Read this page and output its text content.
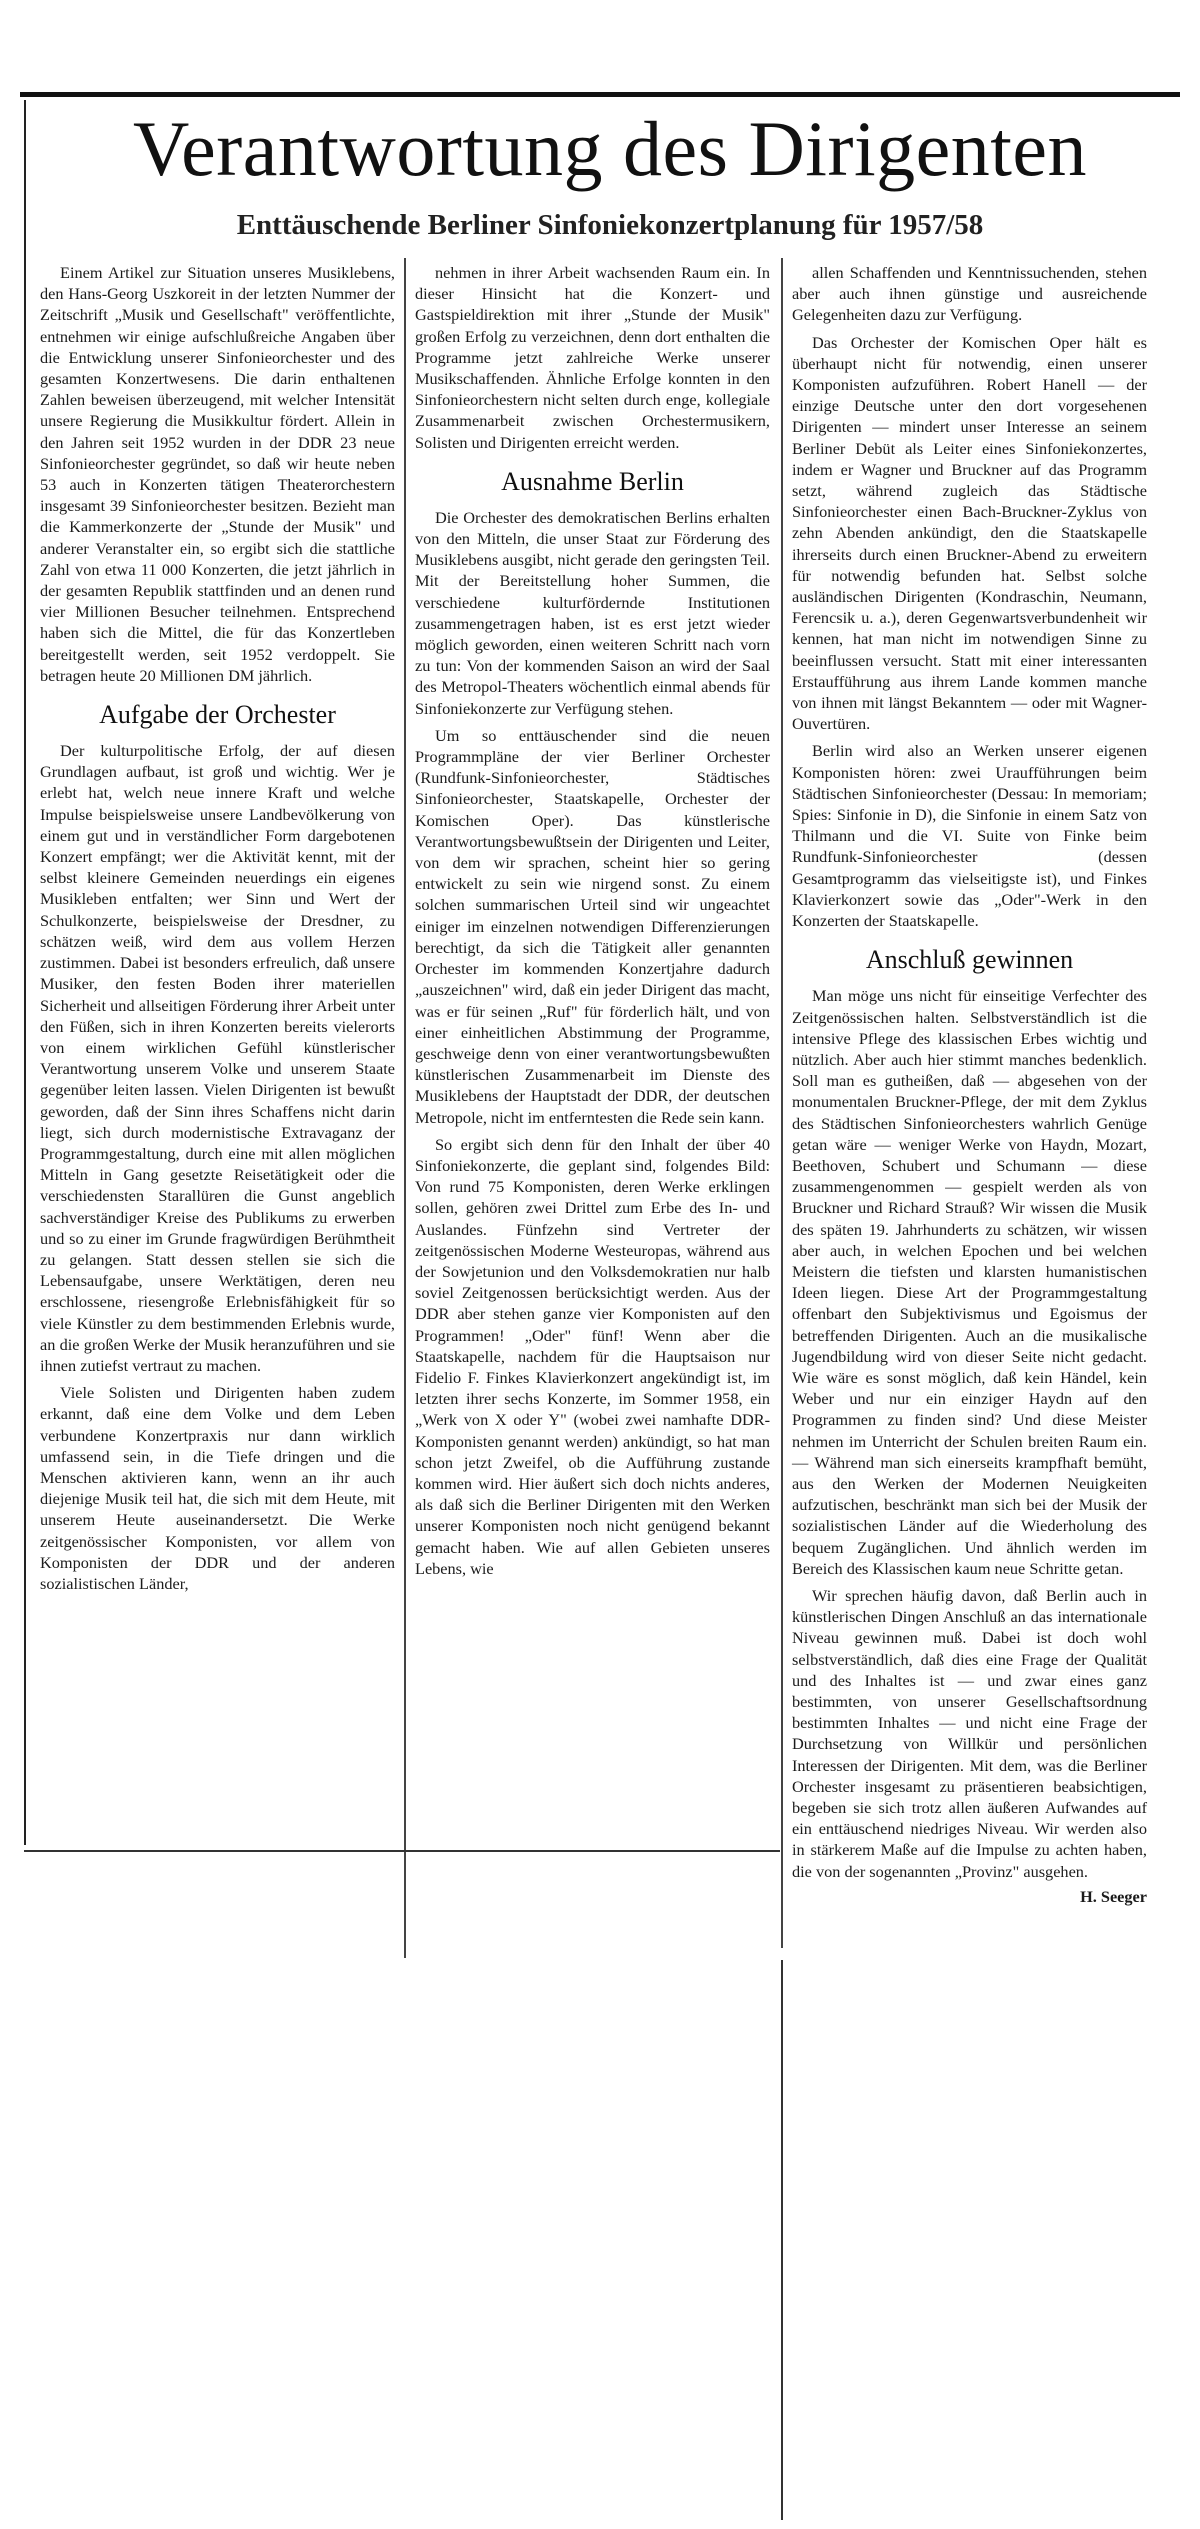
Verantwortung des Dirigenten
Enttäuschende Berliner Sinfoniekonzertplanung für 1957/58

Einem Artikel zur Situation unseres Musiklebens, den Hans-Georg Uszkoreit in der letzten Nummer der Zeitschrift „Musik und Gesellschaft" veröffentlichte, entnehmen wir einige aufschlußreiche Angaben über die Entwicklung unserer Sinfonieorchester und des gesamten Konzertwesens. Die darin enthaltenen Zahlen beweisen überzeugend, mit welcher Intensität unsere Regierung die Musikkultur fördert. Allein in den Jahren seit 1952 wurden in der DDR 23 neue Sinfonieorchester gegründet, so daß wir heute neben 53 auch in Konzerten tätigen Theaterorchestern insgesamt 39 Sinfonieorchester besitzen. Bezieht man die Kammerkonzerte der „Stunde der Musik" und anderer Veranstalter ein, so ergibt sich die stattliche Zahl von etwa 11 000 Konzerten, die jetzt jährlich in der gesamten Republik stattfinden und an denen rund vier Millionen Besucher teilnehmen. Entsprechend haben sich die Mittel, die für das Konzertleben bereitgestellt werden, seit 1952 verdoppelt. Sie betragen heute 20 Millionen DM jährlich.

Aufgabe der Orchester

Der kulturpolitische Erfolg, der auf diesen Grundlagen aufbaut, ist groß und wichtig. Wer je erlebt hat, welch neue innere Kraft und welche Impulse beispielsweise unsere Landbevölkerung von einem gut und in verständlicher Form dargebotenen Konzert empfängt; wer die Aktivität kennt, mit der selbst kleinere Gemeinden neuerdings ein eigenes Musikleben entfalten; wer Sinn und Wert der Schulkonzerte, beispielsweise der Dresdner, zu schätzen weiß, wird dem aus vollem Herzen zustimmen. Dabei ist besonders erfreulich, daß unsere Musiker, den festen Boden ihrer materiellen Sicherheit und allseitigen Förderung ihrer Arbeit unter den Füßen, sich in ihren Konzerten bereits vielerorts von einem wirklichen Gefühl künstlerischer Verantwortung unserem Volke und unserem Staate gegenüber leiten lassen. Vielen Dirigenten ist bewußt geworden, daß der Sinn ihres Schaffens nicht darin liegt, sich durch modernistische Extravaganz der Programmgestaltung, durch eine mit allen möglichen Mitteln in Gang gesetzte Reisetätigkeit oder die verschiedensten Starallüren die Gunst angeblich sachverständiger Kreise des Publikums zu erwerben und so zu einer im Grunde fragwürdigen Berühmtheit zu gelangen. Statt dessen stellen sie sich die Lebensaufgabe, unsere Werktätigen, deren neu erschlossene, riesengroße Erlebnisfähigkeit für so viele Künstler zu dem bestimmenden Erlebnis wurde, an die großen Werke der Musik heranzuführen und sie ihnen zutiefst vertraut zu machen.

Viele Solisten und Dirigenten haben zudem erkannt, daß eine dem Volke und dem Leben verbundene Konzertpraxis nur dann wirklich umfassend sein, in die Tiefe dringen und die Menschen aktivieren kann, wenn an ihr auch diejenige Musik teil hat, die sich mit dem Heute, mit unserem Heute auseinandersetzt. Die Werke zeitgenössischer Komponisten, vor allem von Komponisten der DDR und der anderen sozialistischen Länder,

nehmen in ihrer Arbeit wachsenden Raum ein. In dieser Hinsicht hat die Konzert- und Gastspieldirektion mit ihrer „Stunde der Musik" großen Erfolg zu verzeichnen, denn dort enthalten die Programme jetzt zahlreiche Werke unserer Musikschaffenden. Ähnliche Erfolge konnten in den Sinfonieorchestern nicht selten durch enge, kollegiale Zusammenarbeit zwischen Orchestermusikern, Solisten und Dirigenten erreicht werden.

Ausnahme Berlin

Die Orchester des demokratischen Berlins erhalten von den Mitteln, die unser Staat zur Förderung des Musiklebens ausgibt, nicht gerade den geringsten Teil. Mit der Bereitstellung hoher Summen, die verschiedene kulturfördernde Institutionen zusammengetragen haben, ist es erst jetzt wieder möglich geworden, einen weiteren Schritt nach vorn zu tun: Von der kommenden Saison an wird der Saal des Metropol-Theaters wöchentlich einmal abends für Sinfoniekonzerte zur Verfügung stehen.

Um so enttäuschender sind die neuen Programmpläne der vier Berliner Orchester (Rundfunk-Sinfonieorchester, Städtisches Sinfonieorchester, Staatskapelle, Orchester der Komischen Oper). Das künstlerische Verantwortungsbewußtsein der Dirigenten und Leiter, von dem wir sprachen, scheint hier so gering entwickelt zu sein wie nirgend sonst. Zu einem solchen summarischen Urteil sind wir ungeachtet einiger im einzelnen notwendigen Differenzierungen berechtigt, da sich die Tätigkeit aller genannten Orchester im kommenden Konzertjahre dadurch „auszeichnen" wird, daß ein jeder Dirigent das macht, was er für seinen „Ruf" für förderlich hält, und von einer einheitlichen Abstimmung der Programme, geschweige denn von einer verantwortungsbewußten künstlerischen Zusammenarbeit im Dienste des Musiklebens der Hauptstadt der DDR, der deutschen Metropole, nicht im entferntesten die Rede sein kann.

So ergibt sich denn für den Inhalt der über 40 Sinfoniekonzerte, die geplant sind, folgendes Bild: Von rund 75 Komponisten, deren Werke erklingen sollen, gehören zwei Drittel zum Erbe des In- und Auslandes. Fünfzehn sind Vertreter der zeitgenössischen Moderne Westeuropas, während aus der Sowjetunion und den Volksdemokratien nur halb soviel Zeitgenossen berücksichtigt werden. Aus der DDR aber stehen ganze vier Komponisten auf den Programmen! „Oder" fünf! Wenn aber die Staatskapelle, nachdem für die Hauptsaison nur Fidelio F. Finkes Klavierkonzert angekündigt ist, im letzten ihrer sechs Konzerte, im Sommer 1958, ein „Werk von X oder Y" (wobei zwei namhafte DDR-Komponisten genannt werden) ankündigt, so hat man schon jetzt Zweifel, ob die Aufführung zustande kommen wird. Hier äußert sich doch nichts anderes, als daß sich die Berliner Dirigenten mit den Werken unserer Komponisten noch nicht genügend bekannt gemacht haben. Wie auf allen Gebieten unseres Lebens, wie

allen Schaffenden und Kenntnissuchenden, stehen aber auch ihnen günstige und ausreichende Gelegenheiten dazu zur Verfügung.

Das Orchester der Komischen Oper hält es überhaupt nicht für notwendig, einen unserer Komponisten aufzuführen. Robert Hanell — der einzige Deutsche unter den dort vorgesehenen Dirigenten — mindert unser Interesse an seinem Berliner Debüt als Leiter eines Sinfoniekonzertes, indem er Wagner und Bruckner auf das Programm setzt, während zugleich das Städtische Sinfonieorchester einen Bach-Bruckner-Zyklus von zehn Abenden ankündigt, den die Staatskapelle ihrerseits durch einen Bruckner-Abend zu erweitern für notwendig befunden hat. Selbst solche ausländischen Dirigenten (Kondraschin, Neumann, Ferencsik u. a.), deren Gegenwartsverbundenheit wir kennen, hat man nicht im notwendigen Sinne zu beeinflussen versucht. Statt mit einer interessanten Erstaufführung aus ihrem Lande kommen manche von ihnen mit längst Bekanntem — oder mit Wagner-Ouvertüren.

Berlin wird also an Werken unserer eigenen Komponisten hören: zwei Uraufführungen beim Städtischen Sinfonieorchester (Dessau: In memoriam; Spies: Sinfonie in D), die Sinfonie in einem Satz von Thilmann und die VI. Suite von Finke beim Rundfunk-Sinfonieorchester (dessen Gesamtprogramm das vielseitigste ist), und Finkes Klavierkonzert sowie das „Oder"-Werk in den Konzerten der Staatskapelle.

Anschluß gewinnen

Man möge uns nicht für einseitige Verfechter des Zeitgenössischen halten. Selbstverständlich ist die intensive Pflege des klassischen Erbes wichtig und nützlich. Aber auch hier stimmt manches bedenklich. Soll man es gutheißen, daß — abgesehen von der monumentalen Bruckner-Pflege, der mit dem Zyklus des Städtischen Sinfonieorchesters wahrlich Genüge getan wäre — weniger Werke von Haydn, Mozart, Beethoven, Schubert und Schumann — diese zusammengenommen — gespielt werden als von Bruckner und Richard Strauß? Wir wissen die Musik des späten 19. Jahrhunderts zu schätzen, wir wissen aber auch, in welchen Epochen und bei welchen Meistern die tiefsten und klarsten humanistischen Ideen liegen. Diese Art der Programmgestaltung offenbart den Subjektivismus und Egoismus der betreffenden Dirigenten. Auch an die musikalische Jugendbildung wird von dieser Seite nicht gedacht. Wie wäre es sonst möglich, daß kein Händel, kein Weber und nur ein einziger Haydn auf den Programmen zu finden sind? Und diese Meister nehmen im Unterricht der Schulen breiten Raum ein. — Während man sich einerseits krampfhaft bemüht, aus den Werken der Modernen Neuigkeiten aufzutischen, beschränkt man sich bei der Musik der sozialistischen Länder auf die Wiederholung des bequem Zugänglichen. Und ähnlich werden im Bereich des Klassischen kaum neue Schritte getan.

Wir sprechen häufig davon, daß Berlin auch in künstlerischen Dingen Anschluß an das internationale Niveau gewinnen muß. Dabei ist doch wohl selbstverständlich, daß dies eine Frage der Qualität und des Inhaltes ist — und zwar eines ganz bestimmten, von unserer Gesellschaftsordnung bestimmten Inhaltes — und nicht eine Frage der Durchsetzung von Willkür und persönlichen Interessen der Dirigenten. Mit dem, was die Berliner Orchester insgesamt zu präsentieren beabsichtigen, begeben sie sich trotz allen äußeren Aufwandes auf ein enttäuschend niedriges Niveau. Wir werden also in stärkerem Maße auf die Impulse zu achten haben, die von der sogenannten „Provinz" ausgehen.

H. Seeger
